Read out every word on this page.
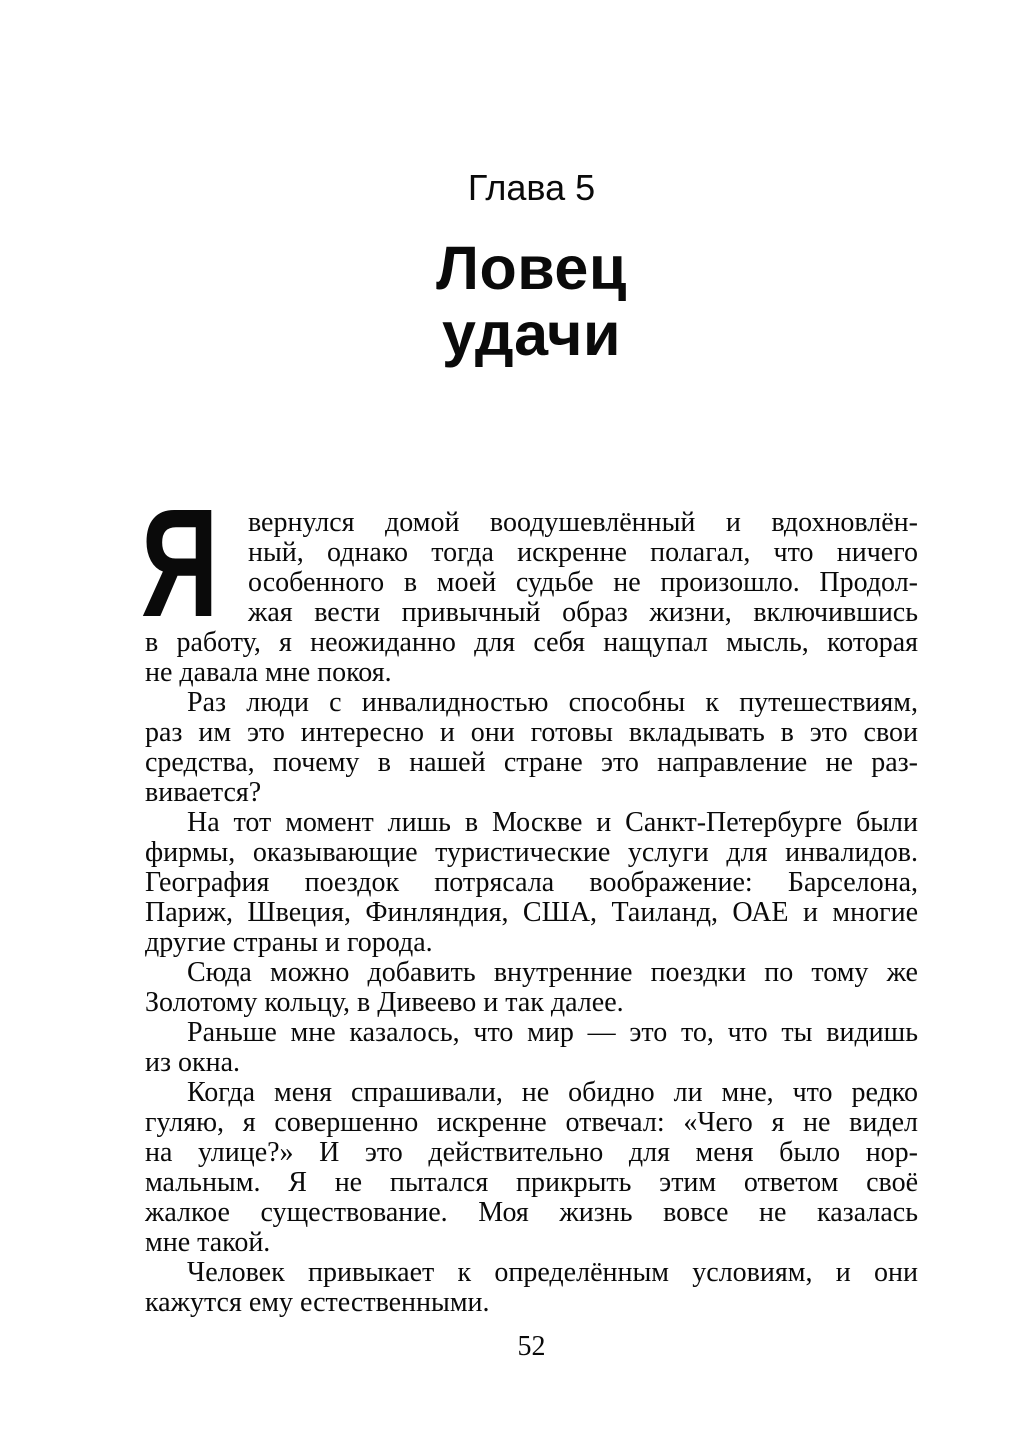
Глава 5
Ловец
удачи
Я	вернулся домой воодушевлённый и вдохновлён-
ный, однако тогда искренне полагал, что ничего
особенного в моей судьбе не произошло. Продол-
жая вести привычный образ жизни, включившись
в работу, я неожиданно для себя нащупал мысль, которая
не давала мне покоя.
Раз люди с инвалидностью способны к путешествиям,
раз им это интересно и они готовы вкладывать в это свои
средства, почему в нашей стране это направление не раз-
вивается?
На тот момент лишь в Москве и Санкт-Петербурге были
фирмы, оказывающие туристические услуги для инвалидов.
География поездок потрясала воображение: Барселона,
Париж, Швеция, Финляндия, США, Таиланд, ОАЕ и многие
другие страны и города.
Сюда можно добавить внутренние поездки по тому же
Золотому кольцу, в Дивеево и так далее.
Раньше мне казалось, что мир — это то, что ты видишь
из окна.
Когда меня спрашивали, не обидно ли мне, что редко
гуляю, я совершенно искренне отвечал: «Чего я не видел
на улице?» И это действительно для меня было нор-
мальным. Я не пытался прикрыть этим ответом своё
жалкое существование. Моя жизнь вовсе не казалась
мне такой.
Человек привыкает к определённым условиям, и они
кажутся ему естественными.
52
